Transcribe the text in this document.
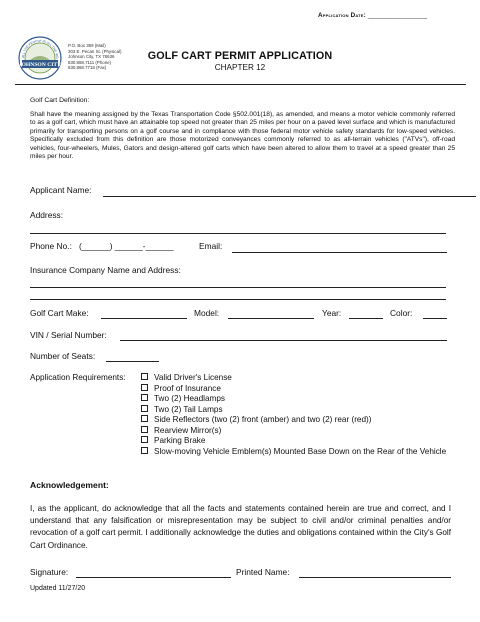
Application Date: ________________
ALL THE PEOPLE IN ALL THE WO
JOHNSON CITY
P.O. Box 369 (Mail)
303 E. Pecan St. (Physical)
Johnson City, TX 78636
830.868.7111 (Phone)
830.868.7718 (Fax)
GOLF CART PERMIT APPLICATION
CHAPTER 12
Golf Cart Definition:
Shall have the meaning assigned by the Texas Transportation Code §502.001(18), as amended, and means a motor vehicle commonly referred to as a golf cart, which must have an attainable top speed not greater than 25 miles per hour on a paved level surface and which is manufactured primarily for transporting persons on a golf course and in compliance with those federal motor vehicle safety standards for low-speed vehicles. Specifically excluded from this definition are those motorized conveyances commonly referred to as all-terrain vehicles ("ATVs"), off-road vehicles, four-wheelers, Mules, Gators and design-altered golf carts which have been altered to allow them to travel at a speed greater than 25 miles per hour.
Applicant Name:
Address:
Phone No.: (______) ______-______	Email:
Insurance Company Name and Address:
Golf Cart Make:	Model:	Year:	Color:
VIN / Serial Number:
Number of Seats:
Application Requirements:	Valid Driver's License
Proof of Insurance
Two (2) Headlamps
Two (2) Tail Lamps
Side Reflectors (two (2) front (amber) and two (2) rear (red))
Rearview Mirror(s)
Parking Brake
Slow-moving Vehicle Emblem(s) Mounted Base Down on the Rear of the Vehicle
Acknowledgement:
I, as the applicant, do acknowledge that all the facts and statements contained herein are true and correct, and I understand that any falsification or misrepresentation may be subject to civil and/or criminal penalties and/or revocation of a golf cart permit. I additionally acknowledge the duties and obligations contained within the City's Golf Cart Ordinance.
Signature:	Printed Name:
Updated 11/27/20
